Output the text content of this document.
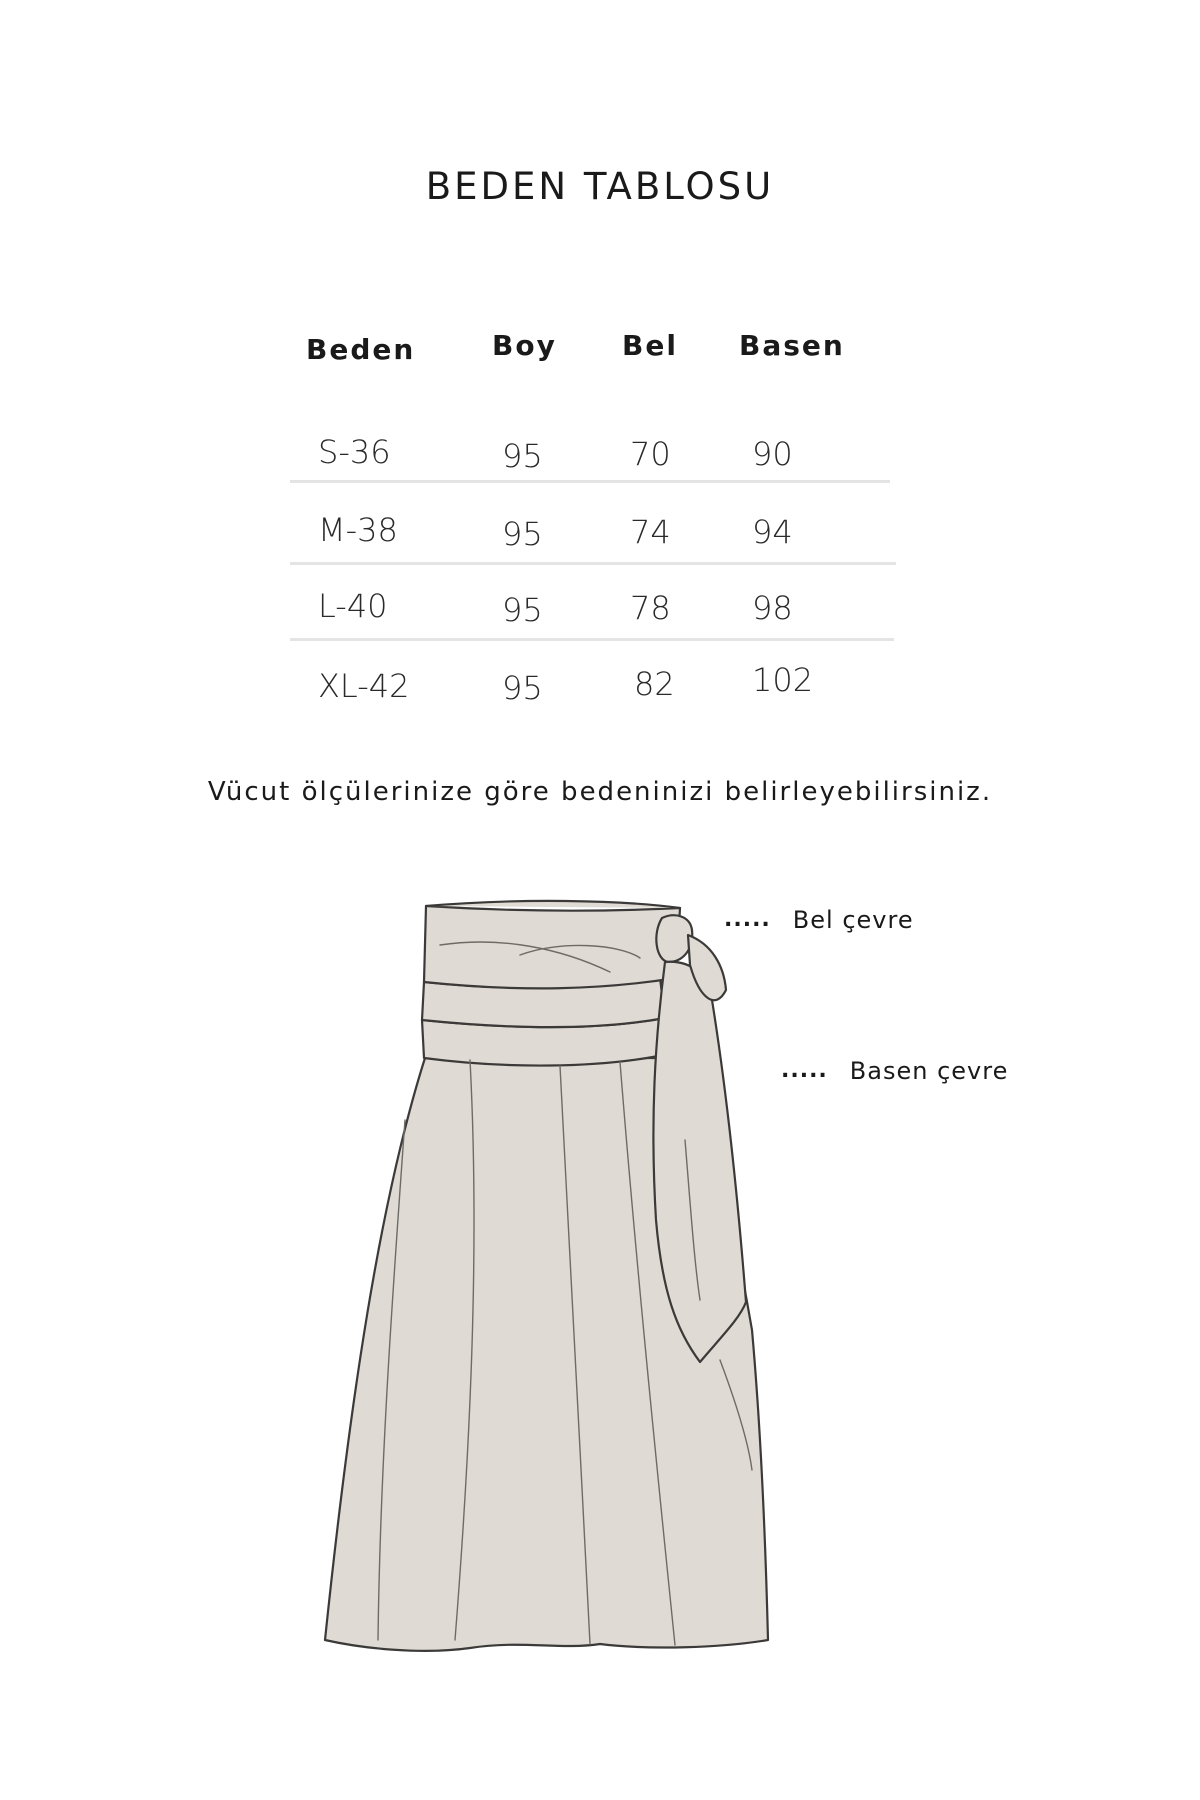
BEDEN TABLOSU
Beden	Boy Bel Basen
S-36	95	70	90
M-38	95	74	94
L-40	95	78	98
XL-42	95	82 102
Vücut ölçülerinize göre bedeninizi belirleyebilirsiniz.
..... Bel çevre
..... Basen çevre
